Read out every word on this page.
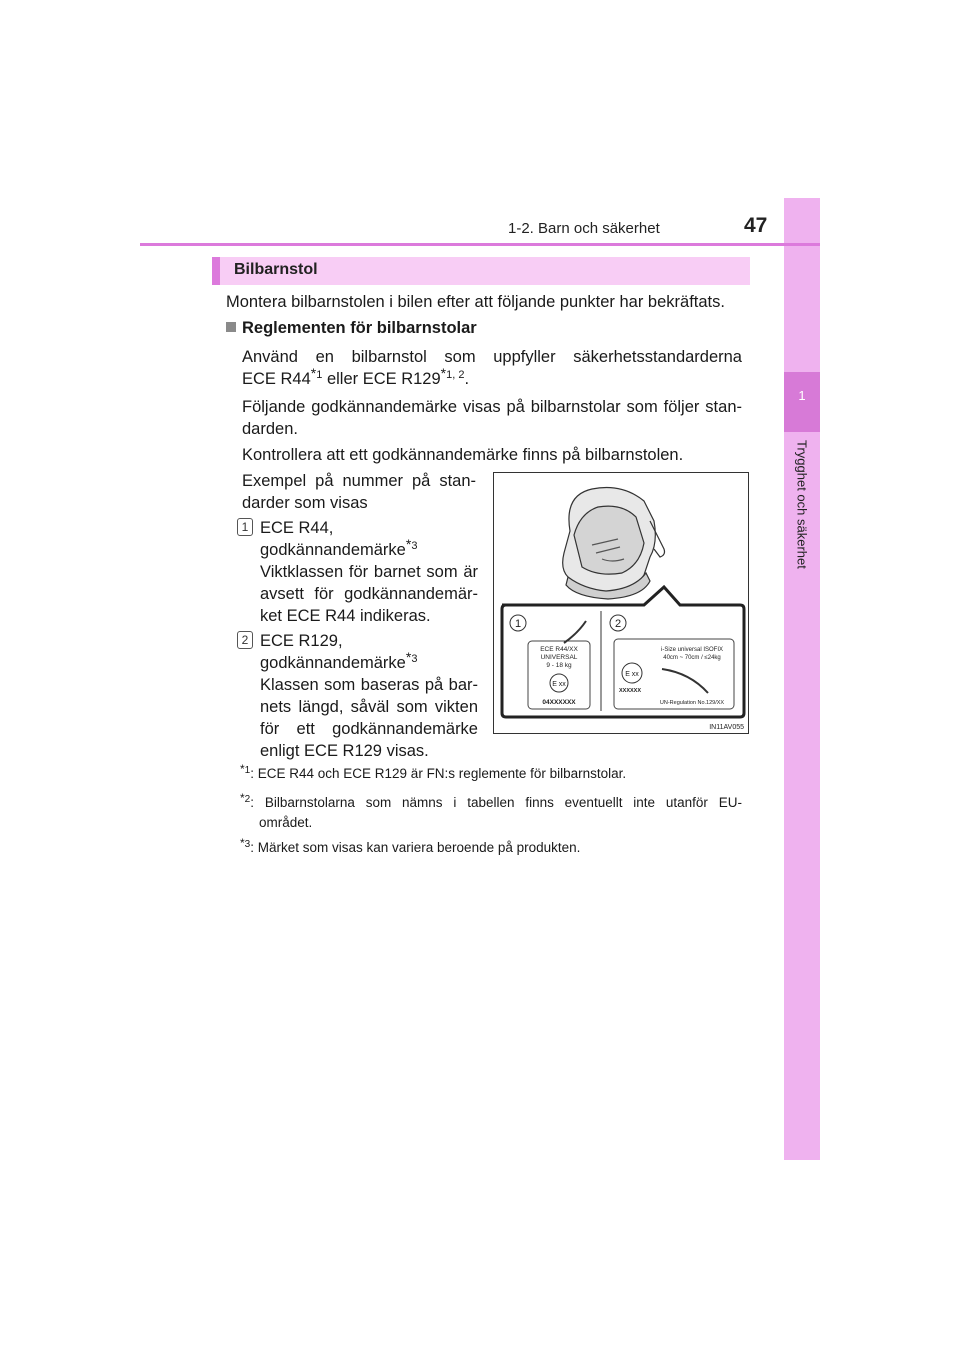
1
Trygghet och säkerhet
1-2. Barn och säkerhet	47
Bilbarnstol
Montera bilbarnstolen i bilen efter att följande punkter har bekräftats.
Reglementen för bilbarnstolar
Använd en bilbarnstol som uppfyller säkerhetsstandarderna
ECE R44$^{*1}$ eller ECE R129$^{*1, 2}$.
Följande godkännandemärke visas på bilbarnstolar som följer stan-
darden.
Kontrollera att ett godkännandemärke finns på bilbarnstolen.
Exempel på nummer på stan-
darder som visas
1 ECE R44,
godkännandemärke$^{*3}$
Viktklassen för barnet som är
avsett för godkännandemär-
ket ECE R44 indikeras.
2 ECE R129,
godkännandemärke$^{*3}$
Klassen som baseras på bar-
nets längd, såväl som vikten
för ett godkännandemärke
enligt ECE R129 visas.
1	2
ECE R44/XX
UNIVERSAL
9 - 18 kg
E xx
04XXXXXX
i-Size universal ISOFIX
40cm ~ 70cm / ≤24kg
E xx
XXXXXX
UN-Regulation No.129/XX
IN11AV055
$^{*1}$: ECE R44 och ECE R129 är FN:s reglemente för bilbarnstolar.
$^{*2}$: Bilbarnstolarna som nämns i tabellen finns eventuellt inte utanför EU-
området.
$^{*3}$: Märket som visas kan variera beroende på produkten.
